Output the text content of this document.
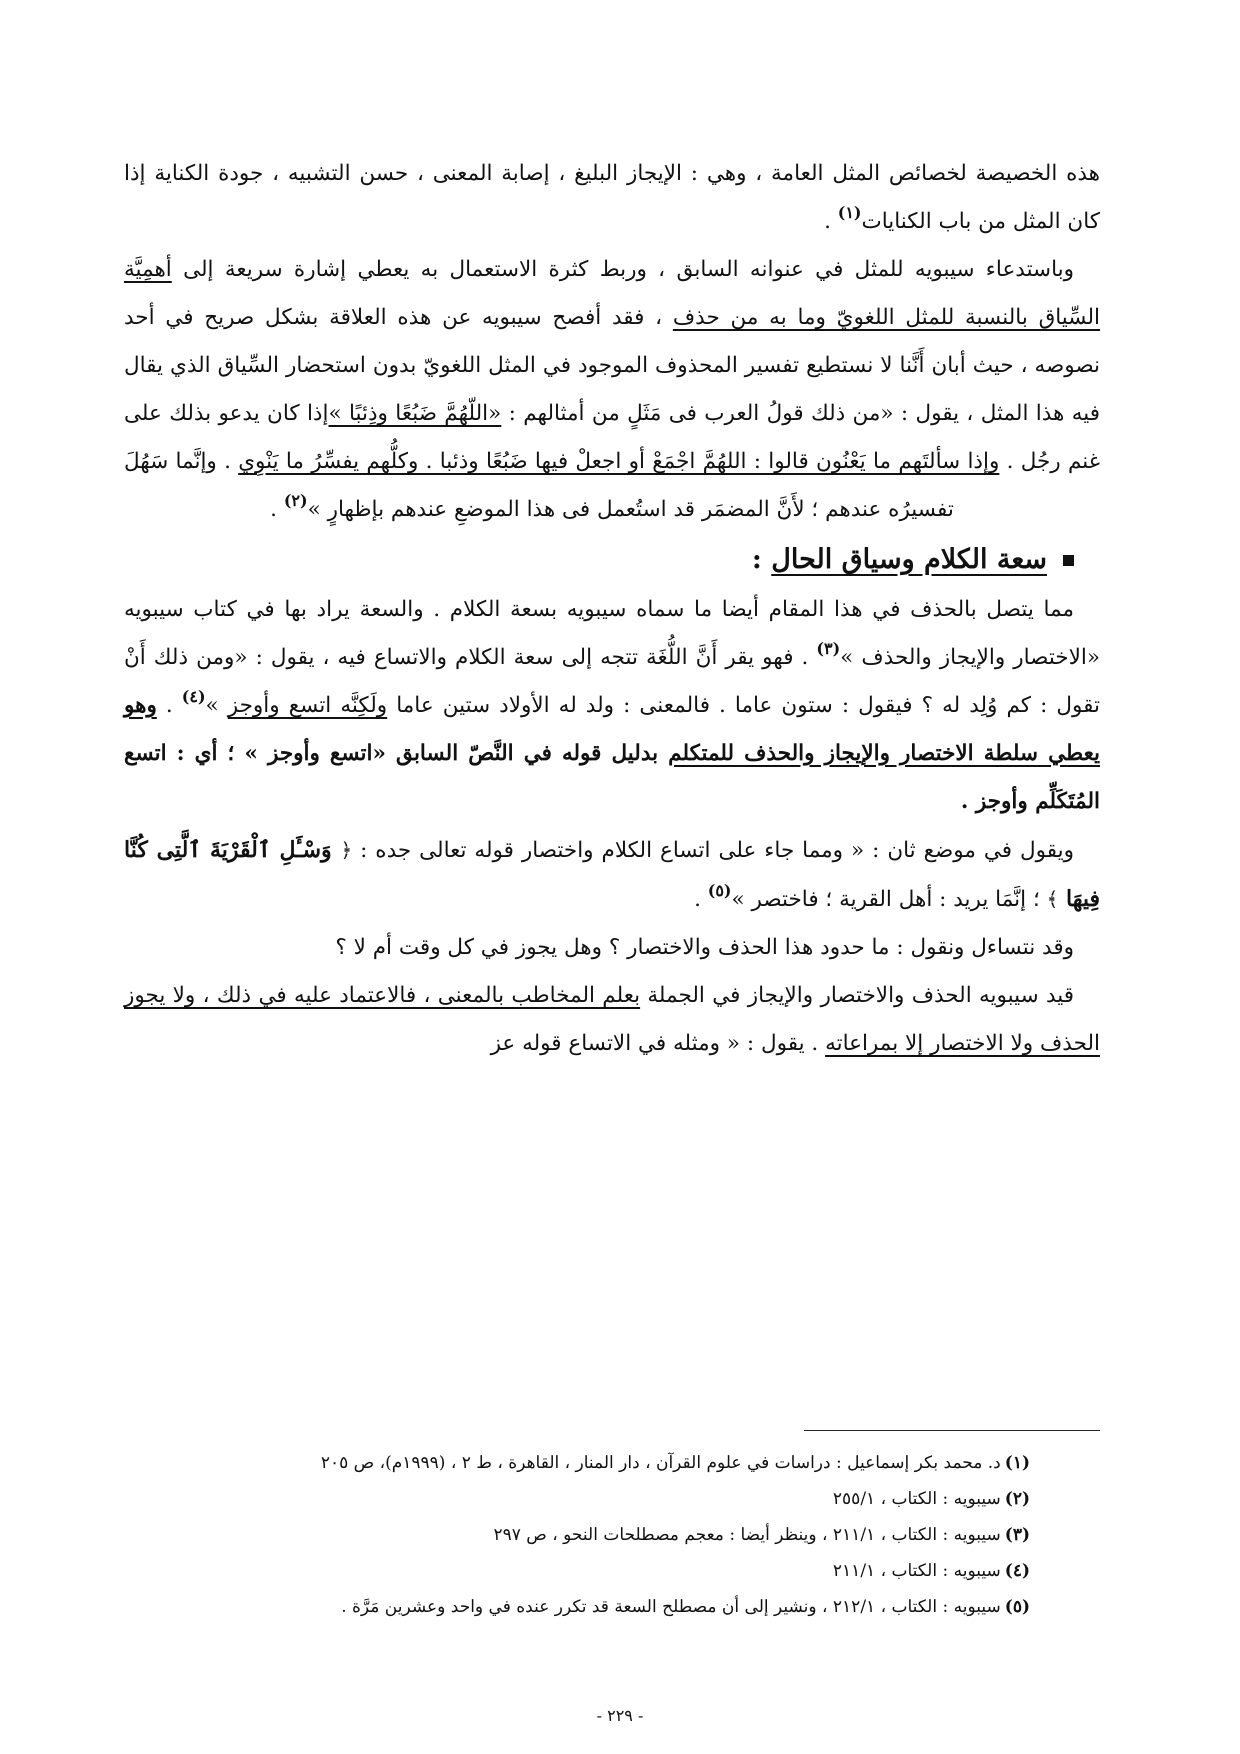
هذه الخصيصة لخصائص المثل العامة ، وهي : الإيجاز البليغ ، إصابة المعنى ، حسن التشبيه ، جودة الكناية إذا كان المثل من باب الكنايات$^{(١)}$ .

وباستدعاء سيبويه للمثل في عنوانه السابق ، وربط كثرة الاستعمال به يعطي إشارة سريعة إلى أهمِيَّة السِّياق بالنسبة للمثل اللغويّ وما به من حذف ، فقد أفصح سيبويه عن هذه العلاقة بشكل صريح في أحد نصوصه ، حيث أبان أَنَّنا لا نستطيع تفسير المحذوف الموجود في المثل اللغويّ بدون استحضار السِّياق الذي يقال فيه هذا المثل ، يقول : «من ذلك قولُ العرب فى مَثَلٍ من أمثالهم : «اللّهُمَّ ضَبُعًا وذِئبًا »إذا كان يدعو بذلك على غنم رجُل . وإذا سألتَهم ما يَعْنُون قالوا : اللهُمَّ اجْمَعْ أو اجعلْ فيها ضَبُعًا وذئبا . وكلُّهم يفسِّرُ ما يَنْوِي . وإنَّما سَهُلَ تفسيرُه عندهم ؛ لأَنَّ المضمَر قد استُعمل فى هذا الموضعِ عندهم بإظهارٍ »$^{(٢)}$ .

سعة الكلام وسياق الحال :

مما يتصل بالحذف في هذا المقام أيضا ما سماه سيبويه بسعة الكلام . والسعة يراد بها في كتاب سيبويه «الاختصار والإيجاز والحذف »$^{(٣)}$ . فهو يقر أَنَّ اللُّغَة تتجه إلى سعة الكلام والاتساع فيه ، يقول : «ومن ذلك أَنْ تقول : كم وُلِد له ؟ فيقول : ستون عاما . فالمعنى : ولد له الأولاد ستين عاما ولَكِنَّه اتسع وأوجز »$^{(٤)}$ . وهو يعطي سلطة الاختصار والإيجاز والحذف للمتكلم بدليل قوله في النَّصّ السابق «اتسع وأوجز » ؛ أي : اتسع المُتَكَلِّم وأوجز .

ويقول في موضع ثان : « ومما جاء على اتساع الكلام واختصار قوله تعالى جده : ﴿ وَسْـَٔلِ ٱلْقَرْيَةَ ٱلَّتِى كُنَّا فِيهَا ﴾ ؛ إنَّمَا يريد : أهل القرية ؛ فاختصر »$^{(٥)}$ .

وقد نتساءل ونقول : ما حدود هذا الحذف والاختصار ؟ وهل يجوز في كل وقت أم لا ؟

قيد سيبويه الحذف والاختصار والإيجاز في الجملة بعلم المخاطب بالمعنى ، فالاعتماد عليه في ذلك ، ولا يجوز الحذف ولا الاختصار إلا بمراعاته . يقول : « ومثله في الاتساع قوله عز

(١)د. محمد بكر إسماعيل : دراسات في علوم القرآن ، دار المنار ، القاهرة ، ط ٢ ، (١٩٩٩م)، ص ٢٠٥
(٢)سيبويه : الكتاب ، ٢٥٥/١
(٣)سيبويه : الكتاب ، ٢١١/١ ، وينظر أيضا : معجم مصطلحات النحو ، ص ٢٩٧
(٤)سيبويه : الكتاب ، ٢١١/١
(٥)سيبويه : الكتاب ، ٢١٢/١ ، ونشير إلى أن مصطلح السعة قد تكرر عنده في واحد وعشرين مَرَّة .
- ٢٢٩ -
